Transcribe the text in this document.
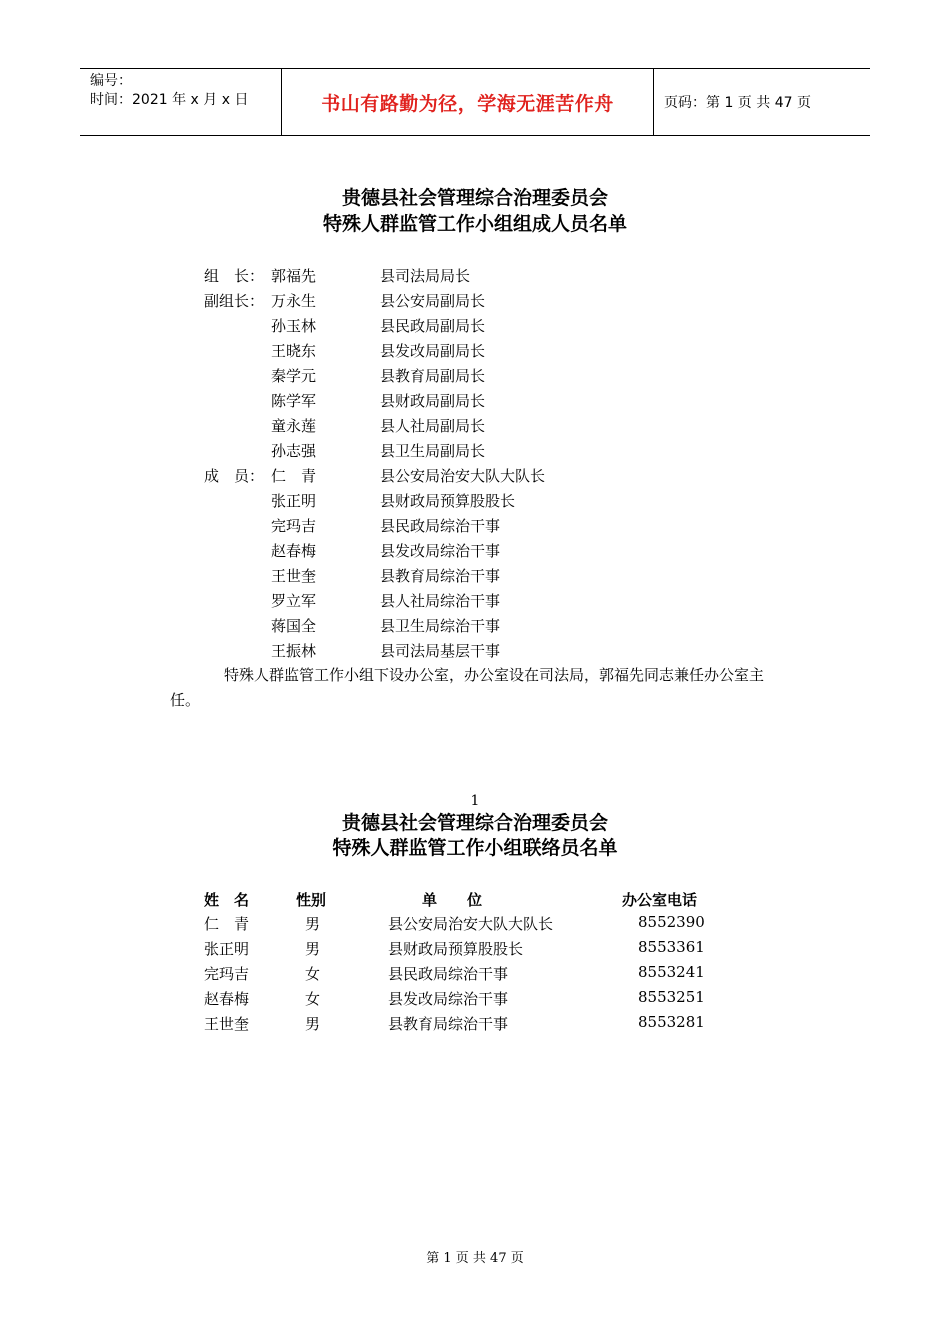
编号：
时间：2021 年 x 月 x 日	书山有路勤为径，学海无涯苦作舟	页码：第 1 页 共 47 页
贵德县社会管理综合治理委员会
特殊人群监管工作小组组成人员名单
组　长： 郭福先	县司法局局长
副组长： 万永生	县公安局副局长
孙玉林	县民政局副局长
王晓东	县发改局副局长
秦学元	县教育局副局长
陈学军	县财政局副局长
童永莲	县人社局副局长
孙志强	县卫生局副局长
成　员： 仁　青	县公安局治安大队大队长
张正明	县财政局预算股股长
完玛吉	县民政局综治干事
赵春梅	县发改局综治干事
王世奎	县教育局综治干事
罗立军	县人社局综治干事
蒋国全	县卫生局综治干事
王振林	县司法局基层干事
特殊人群监管工作小组下设办公室，办公室设在司法局，郭福先同志兼任办公室主任。
1
贵德县社会管理综合治理委员会
特殊人群监管工作小组联络员名单
姓　名	性别	单　　位	办公室电话
仁　青	男	县公安局治安大队大队长	8552390
张正明	男	县财政局预算股股长	8553361
完玛吉	女	县民政局综治干事	8553241
赵春梅	女	县发改局综治干事	8553251
王世奎	男	县教育局综治干事	8553281
第 1 页 共 47 页
